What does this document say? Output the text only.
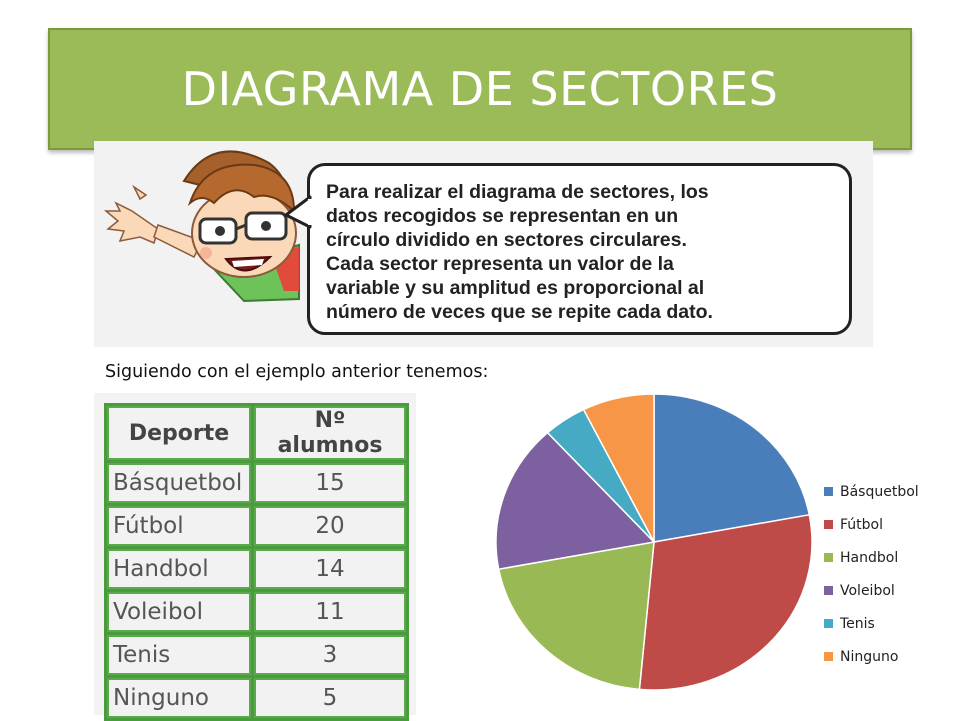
DIAGRAMA DE SECTORES

Para realizar el diagrama de sectores, los
datos recogidos se representan en un
círculo dividido en sectores circulares.
Cada sector representa un valor de la
variable y su amplitud es proporcional al
número de veces que se repite cada dato.

Siguiendo con el ejemplo anterior tenemos:
Deporte	Nº alumnos
Básquetbol	15
Fútbol	20
Handbol	14
Voleibol	11
Tenis	3
Ninguno	5
Básquetbol
Fútbol
Handbol
Voleibol
Tenis
Ninguno
